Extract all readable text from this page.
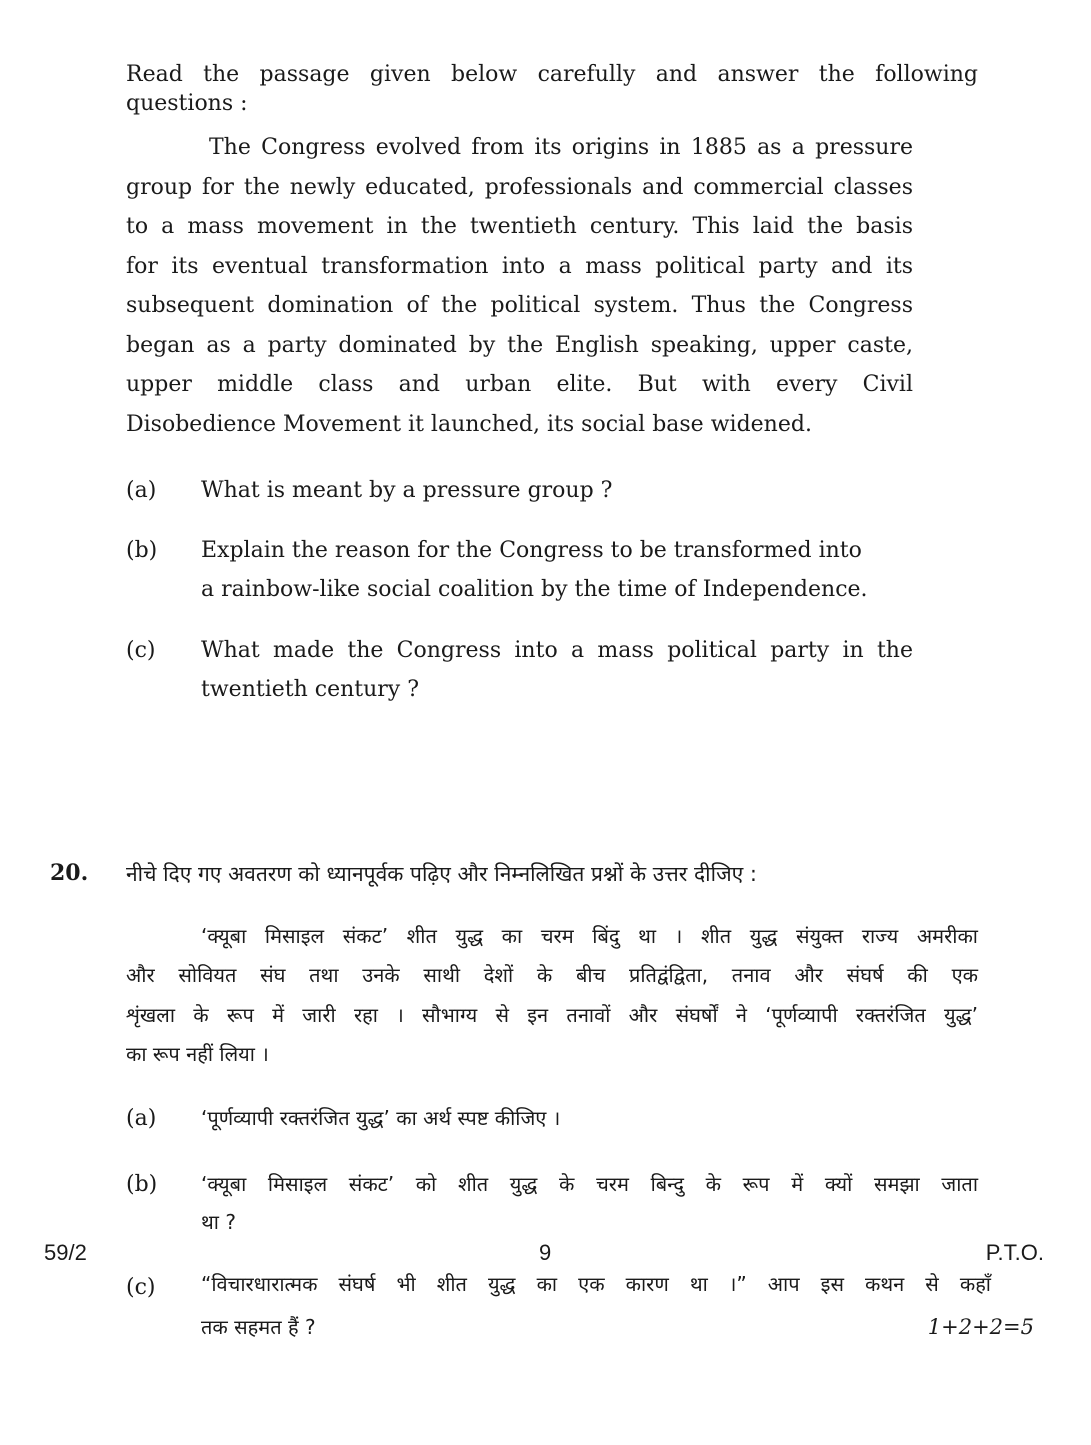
Read the passage given below carefully and answer the following
questions :
The Congress evolved from its origins in 1885 as a pressure
group for the newly educated, professionals and commercial classes
to a mass movement in the twentieth century. This laid the basis
for its eventual transformation into a mass political party and its
subsequent domination of the political system. Thus the Congress
began as a party dominated by the English speaking, upper caste,
upper middle class and urban elite. But with every Civil
Disobedience Movement it launched, its social base widened.
(a) What is meant by a pressure group ?
(b) Explain the reason for the Congress to be transformed into
a rainbow-like social coalition by the time of Independence.
(c) What made the Congress into a mass political party in the
twentieth century ?
20. नीचे दिए गए अवतरण को ध्यानपूर्वक पढ़िए और निम्नलिखित प्रश्नों के उत्तर दीजिए :
‘क्यूबा मिसाइल संकट’ शीत युद्ध का चरम बिंदु था । शीत युद्ध संयुक्त राज्य अमरीका
और सोवियत संघ तथा उनके साथी देशों के बीच प्रतिद्वंद्विता, तनाव और संघर्ष की एक
शृंखला के रूप में जारी रहा । सौभाग्य से इन तनावों और संघर्षों ने ‘पूर्णव्यापी रक्तरंजित युद्ध’
का रूप नहीं लिया ।
(a) ‘पूर्णव्यापी रक्तरंजित युद्ध’ का अर्थ स्पष्ट कीजिए ।
(b) ‘क्यूबा मिसाइल संकट’ को शीत युद्ध के चरम बिन्दु के रूप में क्यों समझा जाता
था ?
(c) “विचारधारात्मक संघर्ष भी शीत युद्ध का एक कारण था ।” आप इस कथन से कहाँ
तक सहमत हैं ?	1+2+2=5
59/2	9	P.T.O.
